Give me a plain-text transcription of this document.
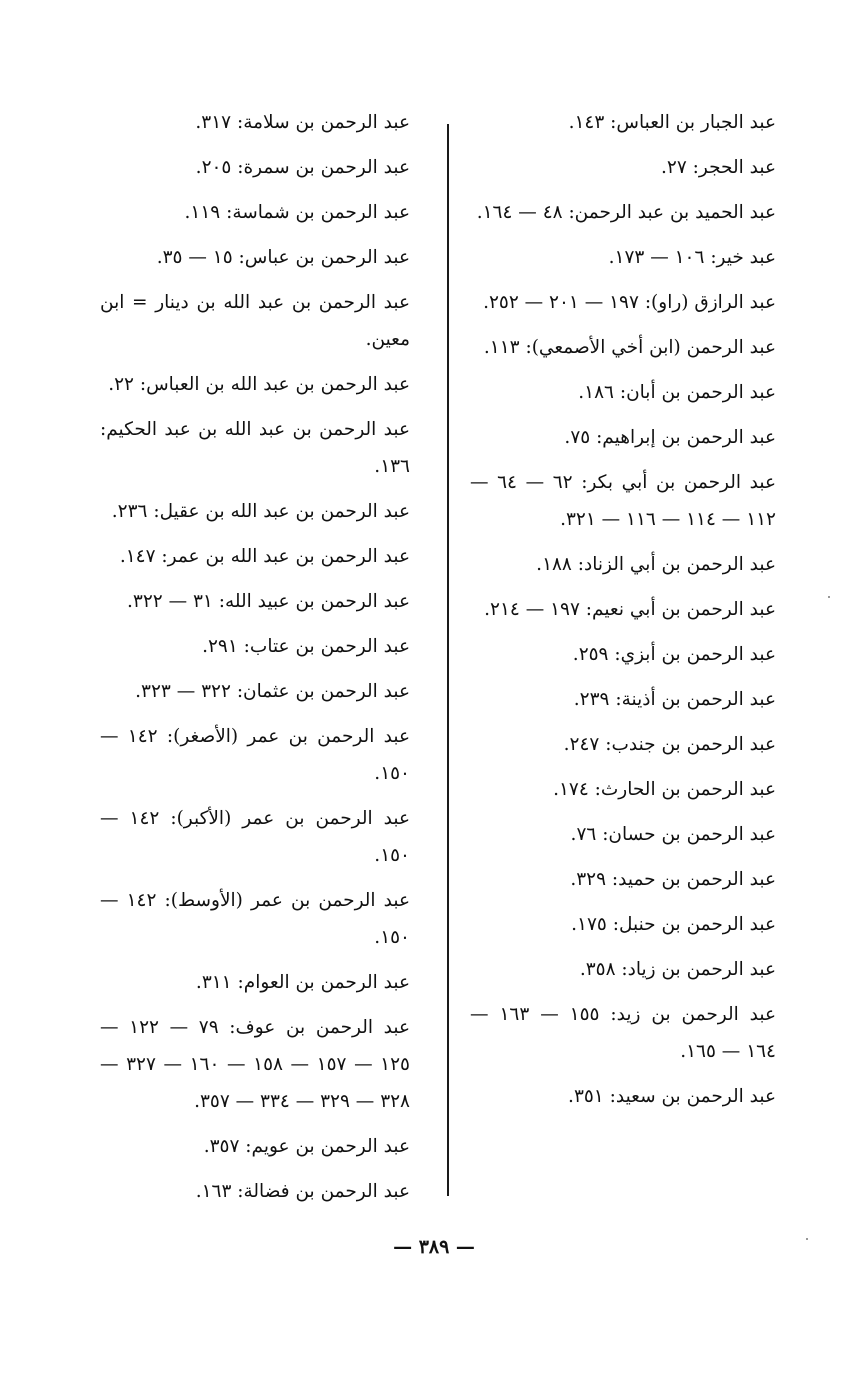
عبد الجبار بن العباس: ١٤٣.
عبد الحجر: ٢٧.
عبد الحميد بن عبد الرحمن: ٤٨ — ١٦٤.
عبد خير: ١٠٦ — ١٧٣.
عبد الرازق (راو): ١٩٧ — ٢٠١ — ٢٥٢.
عبد الرحمن (ابن أخي الأصمعي): ١١٣.
عبد الرحمن بن أبان: ١٨٦.
عبد الرحمن بن إبراهيم: ٧٥.
عبد الرحمن بن أبي بكر: ٦٢ — ٦٤ — ١١٢ — ١١٤ — ١١٦ — ٣٢١.
عبد الرحمن بن أبي الزناد: ١٨٨.
عبد الرحمن بن أبي نعيم: ١٩٧ — ٢١٤.
عبد الرحمن بن أبزي: ٢٥٩.
عبد الرحمن بن أذينة: ٢٣٩.
عبد الرحمن بن جندب: ٢٤٧.
عبد الرحمن بن الحارث: ١٧٤.
عبد الرحمن بن حسان: ٧٦.
عبد الرحمن بن حميد: ٣٢٩.
عبد الرحمن بن حنبل: ١٧٥.
عبد الرحمن بن زياد: ٣٥٨.
عبد الرحمن بن زيد: ١٥٥ — ١٦٣ — ١٦٤ — ١٦٥.
عبد الرحمن بن سعيد: ٣٥١.
عبد الرحمن بن سلامة: ٣١٧.
عبد الرحمن بن سمرة: ٢٠٥.
عبد الرحمن بن شماسة: ١١٩.
عبد الرحمن بن عباس: ١٥ — ٣٥.
عبد الرحمن بن عبد الله بن دينار = ابن معين.
عبد الرحمن بن عبد الله بن العباس: ٢٢.
عبد الرحمن بن عبد الله بن عبد الحكيم: ١٣٦.
عبد الرحمن بن عبد الله بن عقيل: ٢٣٦.
عبد الرحمن بن عبد الله بن عمر: ١٤٧.
عبد الرحمن بن عبيد الله: ٣١ — ٣٢٢.
عبد الرحمن بن عتاب: ٢٩١.
عبد الرحمن بن عثمان: ٣٢٢ — ٣٢٣.
عبد الرحمن بن عمر (الأصغر): ١٤٢ — ١٥٠.
عبد الرحمن بن عمر (الأكبر): ١٤٢ — ١٥٠.
عبد الرحمن بن عمر (الأوسط): ١٤٢ — ١٥٠.
عبد الرحمن بن العوام: ٣١١.
عبد الرحمن بن عوف: ٧٩ — ١٢٢ — ١٢٥ — ١٥٧ — ١٥٨ — ١٦٠ — ٣٢٧ — ٣٢٨ — ٣٢٩ — ٣٣٤ — ٣٥٧.
عبد الرحمن بن عويم: ٣٥٧.
عبد الرحمن بن فضالة: ١٦٣.
— ٣٨٩ —
